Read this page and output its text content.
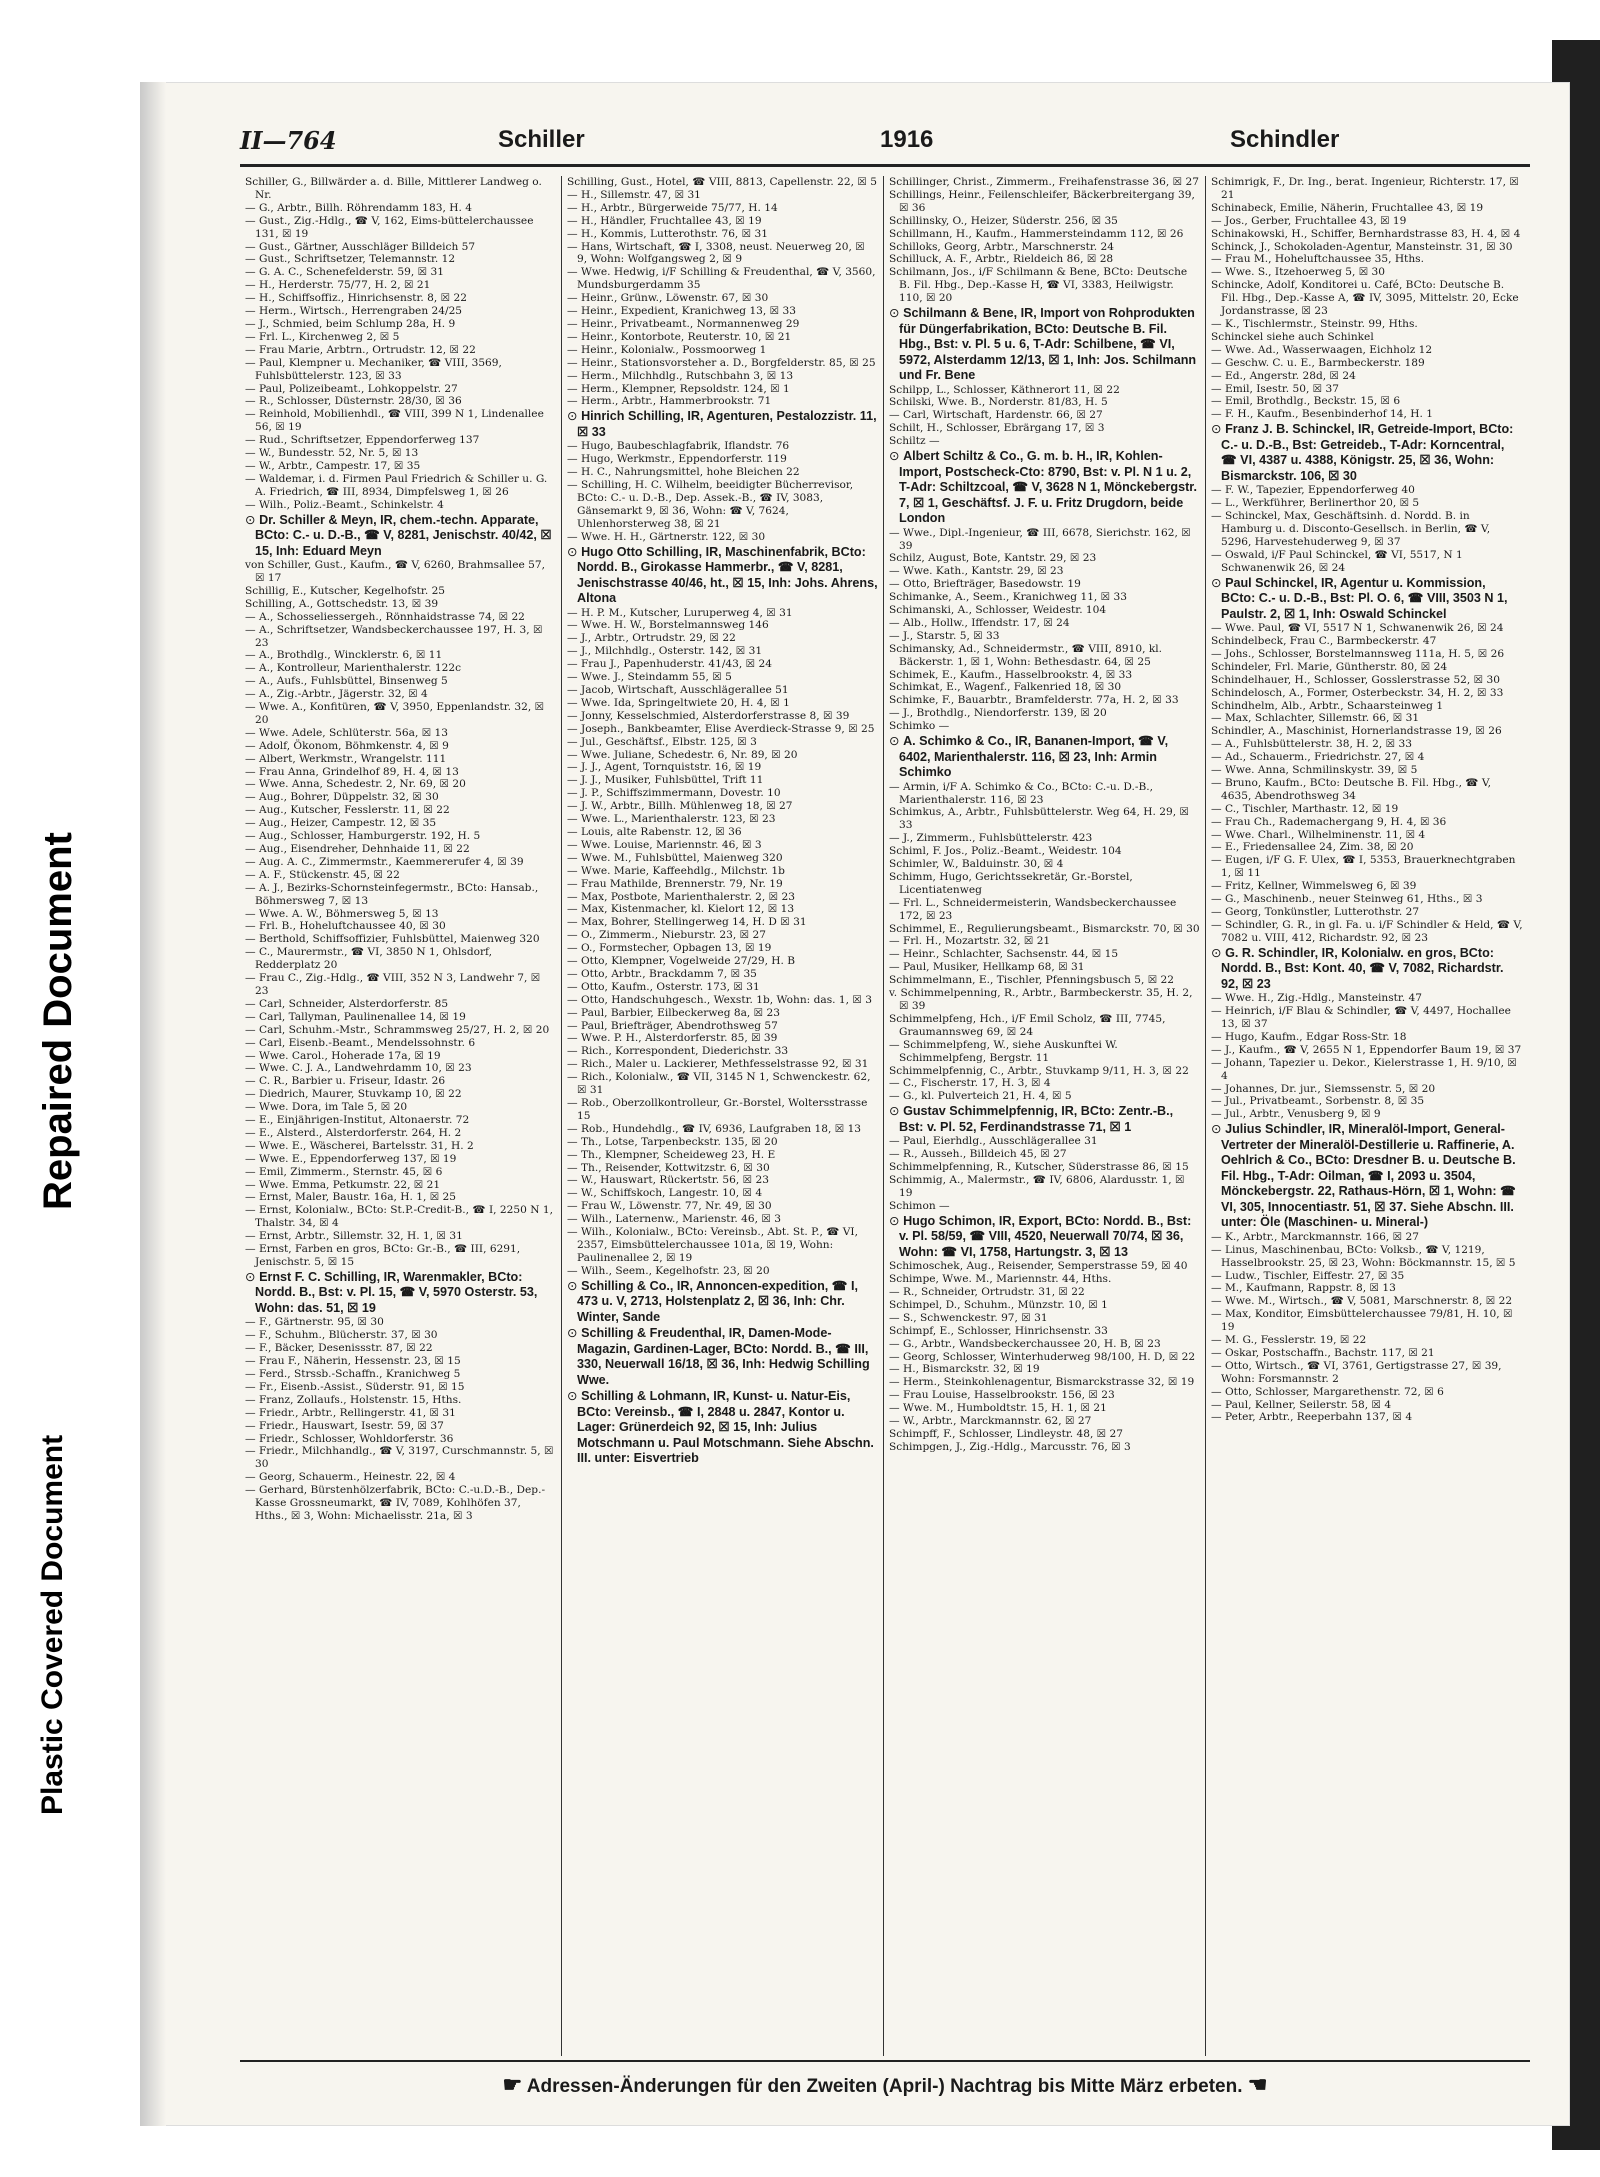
Repaired Document
Plastic Covered Document
II—764	Schiller	1916	Schindler

Schiller, G., Billwärder a. d. Bille, Mittlerer Landweg o. Nr.

— G., Arbtr., Billh. Röhrendamm 183, H. 4

— Gust., Zig.-Hdlg., ☎ V, 162, Eims-büttelerchaussee 131, ☒ 19

— Gust., Gärtner, Ausschläger Billdeich 57

— Gust., Schriftsetzer, Telemannstr. 12

— G. A. C., Schenefelderstr. 59, ☒ 31

— H., Herderstr. 75/77, H. 2, ☒ 21

— H., Schiffsoffiz., Hinrichsenstr. 8, ☒ 22

— Herm., Wirtsch., Herrengraben 24/25

— J., Schmied, beim Schlump 28a, H. 9

— Frl. L., Kirchenweg 2, ☒ 5

— Frau Marie, Arbtrn., Ortrudstr. 12, ☒ 22

— Paul, Klempner u. Mechaniker, ☎ VIII, 3569, Fuhlsbüttelerstr. 123, ☒ 33

— Paul, Polizeibeamt., Lohkoppelstr. 27

— R., Schlosser, Düsternstr. 28/30, ☒ 36

— Reinhold, Mobilienhdl., ☎ VIII, 399 N 1, Lindenallee 56, ☒ 19

— Rud., Schriftsetzer, Eppendorferweg 137

— W., Bundesstr. 52, Nr. 5, ☒ 13

— W., Arbtr., Campestr. 17, ☒ 35

— Waldemar, i. d. Firmen Paul Friedrich & Schiller u. G. A. Friedrich, ☎ III, 8934, Dimpfelsweg 1, ☒ 26

— Wilh., Poliz.-Beamt., Schinkelstr. 4

⊙ Dr. Schiller & Meyn, IR, chem.-techn. Apparate, BCto: C.- u. D.-B., ☎ V, 8281, Jenischstr. 40/42, ☒ 15, Inh: Eduard Meyn

von Schiller, Gust., Kaufm., ☎ V, 6260, Brahmsallee 57, ☒ 17

Schillig, E., Kutscher, Kegelhofstr. 25

Schilling, A., Gottschedstr. 13, ☒ 39

— A., Schosseliessergeh., Rönnhaidstrasse 74, ☒ 22

— A., Schriftsetzer, Wandsbeckerchaussee 197, H. 3, ☒ 23

— A., Brothdlg., Wincklerstr. 6, ☒ 11

— A., Kontrolleur, Marienthalerstr. 122c

— A., Aufs., Fuhlsbüttel, Binsenweg 5

— A., Zig.-Arbtr., Jägerstr. 32, ☒ 4

— Wwe. A., Konfitüren, ☎ V, 3950, Eppenlandstr. 32, ☒ 20

— Wwe. Adele, Schlüterstr. 56a, ☒ 13

— Adolf, Ökonom, Böhmkenstr. 4, ☒ 9

— Albert, Werkmstr., Wrangelstr. 111

— Frau Anna, Grindelhof 89, H. 4, ☒ 13

— Wwe. Anna, Schedestr. 2, Nr. 69, ☒ 20

— Aug., Bohrer, Düppelstr. 32, ☒ 30

— Aug., Kutscher, Fesslerstr. 11, ☒ 22

— Aug., Heizer, Campestr. 12, ☒ 35

— Aug., Schlosser, Hamburgerstr. 192, H. 5

— Aug., Eisendreher, Dehnhaide 11, ☒ 22

— Aug. A. C., Zimmermstr., Kaemmererufer 4, ☒ 39

— A. F., Stückenstr. 45, ☒ 22

— A. J., Bezirks-Schornsteinfegermstr., BCto: Hansab., Böhmersweg 7, ☒ 13

— Wwe. A. W., Böhmersweg 5, ☒ 13

— Frl. B., Hoheluftchaussee 40, ☒ 30

— Berthold, Schiffsoffizier, Fuhlsbüttel, Maienweg 320

— C., Maurermstr., ☎ VI, 3850 N 1, Ohlsdorf, Redderplatz 20

— Frau C., Zig.-Hdlg., ☎ VIII, 352 N 3, Landwehr 7, ☒ 23

— Carl, Schneider, Alsterdorferstr. 85

— Carl, Tallyman, Paulinenallee 14, ☒ 19

— Carl, Schuhm.-Mstr., Schrammsweg 25/27, H. 2, ☒ 20

— Carl, Eisenb.-Beamt., Mendelssohnstr. 6

— Wwe. Carol., Hoherade 17a, ☒ 19

— Wwe. C. J. A., Landwehrdamm 10, ☒ 23

— C. R., Barbier u. Friseur, Idastr. 26

— Diedrich, Maurer, Stuvkamp 10, ☒ 22

— Wwe. Dora, im Tale 5, ☒ 20

— E., Einjährigen-Institut, Altonaerstr. 72

— E., Alsterd., Alsterdorferstr. 264, H. 2

— Wwe. E., Wäscherei, Bartelsstr. 31, H. 2

— Wwe. E., Eppendorferweg 137, ☒ 19

— Emil, Zimmerm., Sternstr. 45, ☒ 6

— Wwe. Emma, Petkumstr. 22, ☒ 21

— Ernst, Maler, Baustr. 16a, H. 1, ☒ 25

— Ernst, Kolonialw., BCto: St.P.-Credit-B., ☎ I, 2250 N 1, Thalstr. 34, ☒ 4

— Ernst, Arbtr., Sillemstr. 32, H. 1, ☒ 31

— Ernst, Farben en gros, BCto: Gr.-B., ☎ III, 6291, Jenischstr. 5, ☒ 15

⊙ Ernst F. C. Schilling, IR, Warenmakler, BCto: Nordd. B., Bst: v. Pl. 15, ☎ V, 5970 Osterstr. 53, Wohn: das. 51, ☒ 19

— F., Gärtnerstr. 95, ☒ 30

— F., Schuhm., Blücherstr. 37, ☒ 30

— F., Bäcker, Desenissstr. 87, ☒ 22

— Frau F., Näherin, Hessenstr. 23, ☒ 15

— Ferd., Strssb.-Schaffn., Kranichweg 5

— Fr., Eisenb.-Assist., Süderstr. 91, ☒ 15

— Franz, Zollaufs., Holstenstr. 15, Hths.

— Friedr., Arbtr., Rellingerstr. 41, ☒ 31

— Friedr., Hauswart, Isestr. 59, ☒ 37

— Friedr., Schlosser, Wohldorferstr. 36

— Friedr., Milchhandlg., ☎ V, 3197, Curschmannstr. 5, ☒ 30

— Georg, Schauerm., Heinestr. 22, ☒ 4

— Gerhard, Bürstenhölzerfabrik, BCto: C.-u.D.-B., Dep.-Kasse Grossneumarkt, ☎ IV, 7089, Kohlhöfen 37, Hths., ☒ 3, Wohn: Michaelisstr. 21a, ☒ 3

Schilling, Gust., Hotel, ☎ VIII, 8813, Capellenstr. 22, ☒ 5

— H., Sillemstr. 47, ☒ 31

— H., Arbtr., Bürgerweide 75/77, H. 14

— H., Händler, Fruchtallee 43, ☒ 19

— H., Kommis, Lutterothstr. 76, ☒ 31

— Hans, Wirtschaft, ☎ I, 3308, neust. Neuerweg 20, ☒ 9, Wohn: Wolfgangsweg 2, ☒ 9

— Wwe. Hedwig, i/F Schilling & Freudenthal, ☎ V, 3560, Mundsburgerdamm 35

— Heinr., Grünw., Löwenstr. 67, ☒ 30

— Heinr., Expedient, Kranichweg 13, ☒ 33

— Heinr., Privatbeamt., Normannenweg 29

— Heinr., Kontorbote, Reuterstr. 10, ☒ 21

— Heinr., Kolonialw., Possmoorweg 1

— Heinr., Stationsvorsteher a. D., Borgfelderstr. 85, ☒ 25

— Herm., Milchhdlg., Rutschbahn 3, ☒ 13

— Herm., Klempner, Repsoldstr. 124, ☒ 1

— Herm., Arbtr., Hammerbrookstr. 71

⊙ Hinrich Schilling, IR, Agenturen, Pestalozzistr. 11, ☒ 33

— Hugo, Baubeschlagfabrik, Iflandstr. 76

— Hugo, Werkmstr., Eppendorferstr. 119

— H. C., Nahrungsmittel, hohe Bleichen 22

— Schilling, H. C. Wilhelm, beeidigter Bücherrevisor, BCto: C.- u. D.-B., Dep. Assek.-B., ☎ IV, 3083, Gänsemarkt 9, ☒ 36, Wohn: ☎ V, 7624, Uhlenhorsterweg 38, ☒ 21

— Wwe. H. H., Gärtnerstr. 122, ☒ 30

⊙ Hugo Otto Schilling, IR, Maschinenfabrik, BCto: Nordd. B., Girokasse Hammerbr., ☎ V, 8281, Jenischstrasse 40/46, ht., ☒ 15, Inh: Johs. Ahrens, Altona

— H. P. M., Kutscher, Luruperweg 4, ☒ 31

— Wwe. H. W., Borstelmannsweg 146

— J., Arbtr., Ortrudstr. 29, ☒ 22

— J., Milchhdlg., Osterstr. 142, ☒ 31

— Frau J., Papenhuderstr. 41/43, ☒ 24

— Wwe. J., Steindamm 55, ☒ 5

— Jacob, Wirtschaft, Ausschlägerallee 51

— Wwe. Ida, Springeltwiete 20, H. 4, ☒ 1

— Jonny, Kesselschmied, Alsterdorferstrasse 8, ☒ 39

— Joseph., Bankbeamter, Elise Averdieck-Strasse 9, ☒ 25

— Jul., Geschäftsf., Elbstr. 125, ☒ 3

— Wwe. Juliane, Schedestr. 6, Nr. 89, ☒ 20

— J. J., Agent, Tornquiststr. 16, ☒ 19

— J. J., Musiker, Fuhlsbüttel, Trift 11

— J. P., Schiffszimmermann, Dovestr. 10

— J. W., Arbtr., Billh. Mühlenweg 18, ☒ 27

— Wwe. L., Marienthalerstr. 123, ☒ 23

— Louis, alte Rabenstr. 12, ☒ 36

— Wwe. Louise, Mariennstr. 46, ☒ 3

— Wwe. M., Fuhlsbüttel, Maienweg 320

— Wwe. Marie, Kaffeehdlg., Milchstr. 1b

— Frau Mathilde, Brennerstr. 79, Nr. 19

— Max, Postbote, Marienthalerstr. 2, ☒ 23

— Max, Kistenmacher, kl. Kielort 12, ☒ 13

— Max, Bohrer, Stellingerweg 14, H. D ☒ 31

— O., Zimmerm., Nieburstr. 23, ☒ 27

— O., Formstecher, Opbagen 13, ☒ 19

— Otto, Klempner, Vogelweide 27/29, H. B

— Otto, Arbtr., Brackdamm 7, ☒ 35

— Otto, Kaufm., Osterstr. 173, ☒ 31

— Otto, Handschuhgesch., Wexstr. 1b, Wohn: das. 1, ☒ 3

— Paul, Barbier, Eilbeckerweg 8a, ☒ 23

— Paul, Briefträger, Abendrothsweg 57

— Wwe. P. H., Alsterdorferstr. 85, ☒ 39

— Rich., Korrespondent, Diederichstr. 33

— Rich., Maler u. Lackierer, Methfesselstrasse 92, ☒ 31

— Rich., Kolonialw., ☎ VII, 3145 N 1, Schwenckestr. 62, ☒ 31

— Rob., Oberzollkontrolleur, Gr.-Borstel, Woltersstrasse 15

— Rob., Hundehdlg., ☎ IV, 6936, Laufgraben 18, ☒ 13

— Th., Lotse, Tarpenbeckstr. 135, ☒ 20

— Th., Klempner, Scheideweg 23, H. E

— Th., Reisender, Kottwitzstr. 6, ☒ 30

— W., Hauswart, Rückertstr. 56, ☒ 23

— W., Schiffskoch, Langestr. 10, ☒ 4

— Frau W., Löwenstr. 77, Nr. 49, ☒ 30

— Wilh., Laternenw., Marienstr. 46, ☒ 3

— Wilh., Kolonialw., BCto: Vereinsb., Abt. St. P., ☎ VI, 2357, Eimsbüttelerchaussee 101a, ☒ 19, Wohn: Paulinenallee 2, ☒ 19

— Wilh., Seem., Kegelhofstr. 23, ☒ 20

⊙ Schilling & Co., IR, Annoncen-expedition, ☎ I, 473 u. V, 2713, Holstenplatz 2, ☒ 36, Inh: Chr. Winter, Sande

⊙ Schilling & Freudenthal, IR, Damen-Mode-Magazin, Gardinen-Lager, BCto: Nordd. B., ☎ III, 330, Neuerwall 16/18, ☒ 36, Inh: Hedwig Schilling Wwe.

⊙ Schilling & Lohmann, IR, Kunst- u. Natur-Eis, BCto: Vereinsb., ☎ I, 2848 u. 2847, Kontor u. Lager: Grünerdeich 92, ☒ 15, Inh: Julius Motschmann u. Paul Motschmann. Siehe Abschn. III. unter: Eisvertrieb

Schillinger, Christ., Zimmerm., Freihafenstrasse 36, ☒ 27

Schillings, Heinr., Feilenschleifer, Bäckerbreitergang 39, ☒ 36

Schillinsky, O., Heizer, Süderstr. 256, ☒ 35

Schillmann, H., Kaufm., Hammersteindamm 112, ☒ 26

Schilloks, Georg, Arbtr., Marschnerstr. 24

Schilluck, A. F., Arbtr., Rieldeich 86, ☒ 28

Schilmann, Jos., i/F Schilmann & Bene, BCto: Deutsche B. Fil. Hbg., Dep.-Kasse H, ☎ VI, 3383, Heilwigstr. 110, ☒ 20

⊙ Schilmann & Bene, IR, Import von Rohprodukten für Düngerfabrikation, BCto: Deutsche B. Fil. Hbg., Bst: v. Pl. 5 u. 6, T-Adr: Schilbene, ☎ VI, 5972, Alsterdamm 12/13, ☒ 1, Inh: Jos. Schilmann und Fr. Bene

Schilpp, L., Schlosser, Käthnerort 11, ☒ 22

Schilski, Wwe. B., Norderstr. 81/83, H. 5

— Carl, Wirtschaft, Hardenstr. 66, ☒ 27

Schilt, H., Schlosser, Ebrärgang 17, ☒ 3

Schiltz —

⊙ Albert Schiltz & Co., G. m. b. H., IR, Kohlen-Import, Postscheck-Cto: 8790, Bst: v. Pl. N 1 u. 2, T-Adr: Schiltzcoal, ☎ V, 3628 N 1, Mönckebergstr. 7, ☒ 1, Geschäftsf. J. F. u. Fritz Drugdorn, beide London

— Wwe., Dipl.-Ingenieur, ☎ III, 6678, Sierichstr. 162, ☒ 39

Schilz, August, Bote, Kantstr. 29, ☒ 23

— Wwe. Kath., Kantstr. 29, ☒ 23

— Otto, Briefträger, Basedowstr. 19

Schimanke, A., Seem., Kranichweg 11, ☒ 33

Schimanski, A., Schlosser, Weidestr. 104

— Alb., Hollw., Iffendstr. 17, ☒ 24

— J., Starstr. 5, ☒ 33

Schimansky, Ad., Schneidermstr., ☎ VIII, 8910, kl. Bäckerstr. 1, ☒ 1, Wohn: Bethesdastr. 64, ☒ 25

Schimek, E., Kaufm., Hasselbrookstr. 4, ☒ 33

Schimkat, E., Wagenf., Falkenried 18, ☒ 30

Schimke, F., Bauarbtr., Bramfelderstr. 77a, H. 2, ☒ 33

— J., Brothdlg., Niendorferstr. 139, ☒ 20

Schimko —

⊙ A. Schimko & Co., IR, Bananen-Import, ☎ V, 6402, Marienthalerstr. 116, ☒ 23, Inh: Armin Schimko

— Armin, i/F A. Schimko & Co., BCto: C.-u. D.-B., Marienthalerstr. 116, ☒ 23

Schimkus, A., Arbtr., Fuhlsbüttelerstr. Weg 64, H. 29, ☒ 33

— J., Zimmerm., Fuhlsbüttelerstr. 423

Schiml, F. Jos., Poliz.-Beamt., Weidestr. 104

Schimler, W., Balduinstr. 30, ☒ 4

Schimm, Hugo, Gerichtssekretär, Gr.-Borstel, Licentiatenweg

— Frl. L., Schneidermeisterin, Wandsbeckerchaussee 172, ☒ 23

Schimmel, E., Regulierungsbeamt., Bismarckstr. 70, ☒ 30

— Frl. H., Mozartstr. 32, ☒ 21

— Heinr., Schlachter, Sachsenstr. 44, ☒ 15

— Paul, Musiker, Hellkamp 68, ☒ 31

Schimmelmann, E., Tischler, Pfenningsbusch 5, ☒ 22

v. Schimmelpenning, R., Arbtr., Barmbeckerstr. 35, H. 2, ☒ 39

Schimmelpfeng, Hch., i/F Emil Scholz, ☎ III, 7745, Graumannsweg 69, ☒ 24

— Schimmelpfeng, W., siehe Auskunftei W. Schimmelpfeng, Bergstr. 11

Schimmelpfennig, C., Arbtr., Stuvkamp 9/11, H. 3, ☒ 22

— C., Fischerstr. 17, H. 3, ☒ 4

— G., kl. Pulverteich 21, H. 4, ☒ 5

⊙ Gustav Schimmelpfennig, IR, BCto: Zentr.-B., Bst: v. Pl. 52, Ferdinandstrasse 71, ☒ 1

— Paul, Eierhdlg., Ausschlägerallee 31

— R., Ausseh., Billdeich 45, ☒ 27

Schimmelpfenning, R., Kutscher, Süderstrasse 86, ☒ 15

Schimmig, A., Malermstr., ☎ IV, 6806, Alardusstr. 1, ☒ 19

Schimon —

⊙ Hugo Schimon, IR, Export, BCto: Nordd. B., Bst: v. Pl. 58/59, ☎ VIII, 4520, Neuerwall 70/74, ☒ 36, Wohn: ☎ VI, 1758, Hartungstr. 3, ☒ 13

Schimoschek, Aug., Reisender, Semperstrasse 59, ☒ 40

Schimpe, Wwe. M., Mariennstr. 44, Hths.

— R., Schneider, Ortrudstr. 31, ☒ 22

Schimpel, D., Schuhm., Münzstr. 10, ☒ 1

— S., Schwenckestr. 97, ☒ 31

Schimpf, E., Schlosser, Hinrichsenstr. 33

— G., Arbtr., Wandsbeckerchaussee 20, H. B, ☒ 23

— Georg, Schlosser, Winterhuderweg 98/100, H. D, ☒ 22

— H., Bismarckstr. 32, ☒ 19

— Herm., Steinkohlenagentur, Bismarckstrasse 32, ☒ 19

— Frau Louise, Hasselbrookstr. 156, ☒ 23

— Wwe. M., Humboldtstr. 15, H. 1, ☒ 21

— W., Arbtr., Marckmannstr. 62, ☒ 27

Schimpff, F., Schlosser, Lindleystr. 48, ☒ 27

Schimpgen, J., Zig.-Hdlg., Marcusstr. 76, ☒ 3

Schimrigk, F., Dr. Ing., berat. Ingenieur, Richterstr. 17, ☒ 21

Schinabeck, Emilie, Näherin, Fruchtallee 43, ☒ 19

— Jos., Gerber, Fruchtallee 43, ☒ 19

Schinakowski, H., Schiffer, Bernhardstrasse 83, H. 4, ☒ 4

Schinck, J., Schokoladen-Agentur, Mansteinstr. 31, ☒ 30

— Frau M., Hoheluftchaussee 35, Hths.

— Wwe. S., Itzehoerweg 5, ☒ 30

Schincke, Adolf, Konditorei u. Café, BCto: Deutsche B. Fil. Hbg., Dep.-Kasse A, ☎ IV, 3095, Mittelstr. 20, Ecke Jordanstrasse, ☒ 23

— K., Tischlermstr., Steinstr. 99, Hths.

Schinckel siehe auch Schinkel

— Wwe. Ad., Wasserwaagen, Eichholz 12

— Geschw. C. u. E., Barmbeckerstr. 189

— Ed., Angerstr. 28d, ☒ 24

— Emil, Isestr. 50, ☒ 37

— Emil, Brothdlg., Beckstr. 15, ☒ 6

— F. H., Kaufm., Besenbinderhof 14, H. 1

⊙ Franz J. B. Schinckel, IR, Getreide-Import, BCto: C.- u. D.-B., Bst: Getreideb., T-Adr: Korncentral, ☎ VI, 4387 u. 4388, Königstr. 25, ☒ 36, Wohn: Bismarckstr. 106, ☒ 30

— F. W., Tapezier, Eppendorferweg 40

— L., Werkführer, Berlinerthor 20, ☒ 5

— Schinckel, Max, Geschäftsinh. d. Nordd. B. in Hamburg u. d. Disconto-Gesellsch. in Berlin, ☎ V, 5296, Harvestehuderweg 9, ☒ 37

— Oswald, i/F Paul Schinckel, ☎ VI, 5517, N 1 Schwanenwik 26, ☒ 24

⊙ Paul Schinckel, IR, Agentur u. Kommission, BCto: C.- u. D.-B., Bst: Pl. O. 6, ☎ VIII, 3503 N 1, Paulstr. 2, ☒ 1, Inh: Oswald Schinckel

— Wwe. Paul, ☎ VI, 5517 N 1, Schwanenwik 26, ☒ 24

Schindelbeck, Frau C., Barmbeckerstr. 47

— Johs., Schlosser, Borstelmannsweg 111a, H. 5, ☒ 26

Schindeler, Frl. Marie, Güntherstr. 80, ☒ 24

Schindelhauer, H., Schlosser, Gosslerstrasse 52, ☒ 30

Schindelosch, A., Former, Osterbeckstr. 34, H. 2, ☒ 33

Schindhelm, Alb., Arbtr., Schaarsteinweg 1

— Max, Schlachter, Sillemstr. 66, ☒ 31

Schindler, A., Maschinist, Hornerlandstrasse 19, ☒ 26

— A., Fuhlsbüttelerstr. 38, H. 2, ☒ 33

— Ad., Schauerm., Friedrichstr. 27, ☒ 4

— Wwe. Anna, Schmilinskystr. 39, ☒ 5

— Bruno, Kaufm., BCto: Deutsche B. Fil. Hbg., ☎ V, 4635, Abendrothsweg 34

— C., Tischler, Marthastr. 12, ☒ 19

— Frau Ch., Rademachergang 9, H. 4, ☒ 36

— Wwe. Charl., Wilhelminenstr. 11, ☒ 4

— E., Friedensallee 24, Zim. 38, ☒ 20

— Eugen, i/F G. F. Ulex, ☎ I, 5353, Brauerknechtgraben 1, ☒ 11

— Fritz, Kellner, Wimmelsweg 6, ☒ 39

— G., Maschinenb., neuer Steinweg 61, Hths., ☒ 3

— Georg, Tonkünstler, Lutterothstr. 27

— Schindler, G. R., in gl. Fa. u. i/F Schindler & Held, ☎ V, 7082 u. VIII, 412, Richardstr. 92, ☒ 23

⊙ G. R. Schindler, IR, Kolonialw. en gros, BCto: Nordd. B., Bst: Kont. 40, ☎ V, 7082, Richardstr. 92, ☒ 23

— Wwe. H., Zig.-Hdlg., Mansteinstr. 47

— Heinrich, i/F Blau & Schindler, ☎ V, 4497, Hochallee 13, ☒ 37

— Hugo, Kaufm., Edgar Ross-Str. 18

— J., Kaufm., ☎ V, 2655 N 1, Eppendorfer Baum 19, ☒ 37

— Johann, Tapezier u. Dekor., Kielerstrasse 1, H. 9/10, ☒ 4

— Johannes, Dr. jur., Siemssenstr. 5, ☒ 20

— Jul., Privatbeamt., Sorbenstr. 8, ☒ 35

— Jul., Arbtr., Venusberg 9, ☒ 9

⊙ Julius Schindler, IR, Mineralöl-Import, General-Vertreter der Mineralöl-Destillerie u. Raffinerie, A. Oehlrich & Co., BCto: Dresdner B. u. Deutsche B. Fil. Hbg., T-Adr: Oilman, ☎ I, 2093 u. 3504, Mönckebergstr. 22, Rathaus-Hörn, ☒ 1, Wohn: ☎ VI, 305, Innocentiastr. 51, ☒ 37. Siehe Abschn. III. unter: Öle (Maschinen- u. Mineral-)

— K., Arbtr., Marckmannstr. 166, ☒ 27

— Linus, Maschinenbau, BCto: Volksb., ☎ V, 1219, Hasselbrookstr. 25, ☒ 23, Wohn: Böckmannstr. 15, ☒ 5

— Ludw., Tischler, Eiffestr. 27, ☒ 35

— M., Kaufmann, Rappstr. 8, ☒ 13

— Wwe. M., Wirtsch., ☎ V, 5081, Marschnerstr. 8, ☒ 22

— Max, Konditor, Eimsbüttelerchaussee 79/81, H. 10, ☒ 19

— M. G., Fesslerstr. 19, ☒ 22

— Oskar, Postschaffn., Bachstr. 117, ☒ 21

— Otto, Wirtsch., ☎ VI, 3761, Gertigstrasse 27, ☒ 39, Wohn: Forsmannstr. 2

— Otto, Schlosser, Margarethenstr. 72, ☒ 6

— Paul, Kellner, Seilerstr. 58, ☒ 4

— Peter, Arbtr., Reeperbahn 137, ☒ 4

☛ Adressen-Änderungen für den Zweiten (April-) Nachtrag bis Mitte März erbeten. ☚
